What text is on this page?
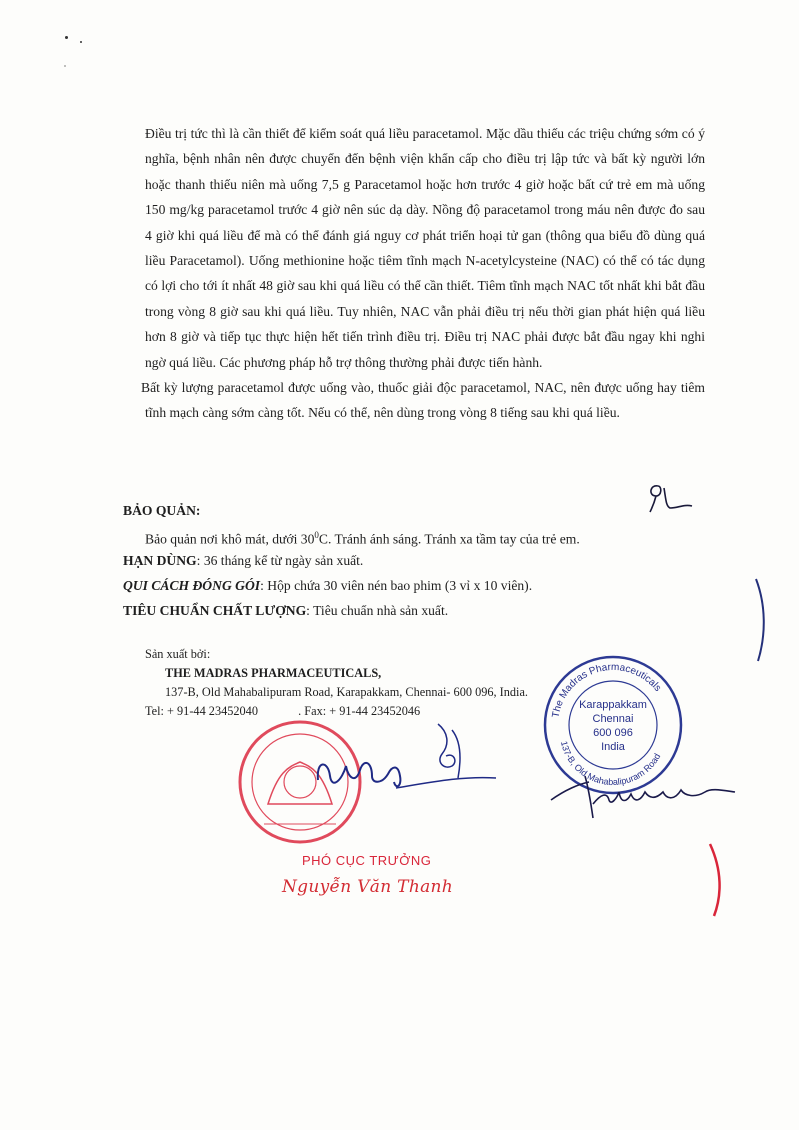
Điều trị tức thì là cần thiết để kiểm soát quá liều paracetamol. Mặc dầu thiếu các triệu chứng sớm có ý nghĩa, bệnh nhân nên được chuyển đến bệnh viện khẩn cấp cho điều trị lập tức và bất kỳ người lớn hoặc thanh thiếu niên mà uống 7,5 g Paracetamol hoặc hơn trước 4 giờ hoặc bất cứ trẻ em mà uống 150 mg/kg paracetamol trước 4 giờ nên súc dạ dày. Nồng độ paracetamol trong máu nên được đo sau 4 giờ khi quá liều để mà có thể đánh giá nguy cơ phát triển hoại tử gan (thông qua biểu đồ dùng quá liều Paracetamol). Uống methionine hoặc tiêm tĩnh mạch N-acetylcysteine (NAC) có thể có tác dụng có lợi cho tới ít nhất 48 giờ sau khi quá liều có thể cần thiết. Tiêm tĩnh mạch NAC tốt nhất khi bắt đầu trong vòng 8 giờ sau khi quá liều. Tuy nhiên, NAC vẫn phải điều trị nếu thời gian phát hiện quá liều hơn 8 giờ và tiếp tục thực hiện hết tiến trình điều trị. Điều trị NAC phải được bắt đầu ngay khi nghi ngờ quá liều. Các phương pháp hỗ trợ thông thường phải được tiến hành.

Bất kỳ lượng paracetamol được uống vào, thuốc giải độc paracetamol, NAC, nên được uống hay tiêm tĩnh mạch càng sớm càng tốt. Nếu có thể, nên dùng trong vòng 8 tiếng sau khi quá liều.

BẢO QUẢN:
Bảo quản nơi khô mát, dưới $30^0C$. Tránh ánh sáng. Tránh xa tầm tay của trẻ em.
HẠN DÙNG: 36 tháng kể từ ngày sản xuất.
QUI CÁCH ĐÓNG GÓI: Hộp chứa 30 viên nén bao phim (3 vỉ x 10 viên).
TIÊU CHUẨN CHẤT LƯỢNG: Tiêu chuẩn nhà sản xuất.
Sản xuất bởi:
THE MADRAS PHARMACEUTICALS,
137-B, Old Mahabalipuram Road, Karapakkam, Chennai- 600 096, India.
Tel: + 91-44 23452040	. Fax: + 91-44 23452046	The Madras Pharmaceuticals
137-B, Old Mahabalipuram Road
Karappakkam
Chennai
600 096
India
PHÓ CỤC TRƯỞNG
Nguyễn Văn Thanh
